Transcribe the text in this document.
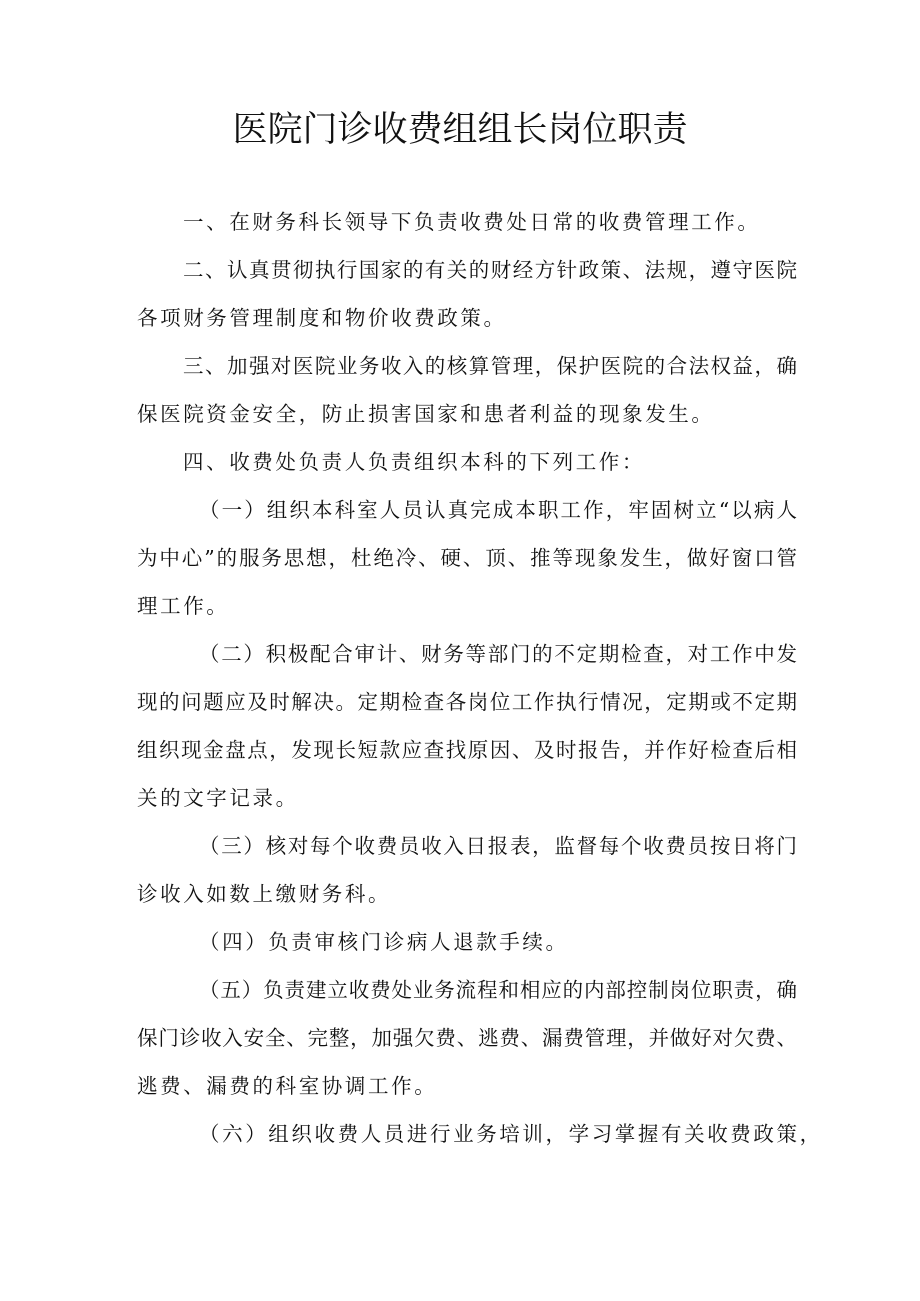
医院门诊收费组组长岗位职责
一、在财务科长领导下负责收费处日常的收费管理工作。
二、认真贯彻执行国家的有关的财经方针政策、法规，遵守医院
各项财务管理制度和物价收费政策。
三、加强对医院业务收入的核算管理，保护医院的合法权益，确
保医院资金安全，防止损害国家和患者利益的现象发生。
四、收费处负责人负责组织本科的下列工作：
（一）组织本科室人员认真完成本职工作，牢固树立“以病人
为中心”的服务思想，杜绝冷、硬、顶、推等现象发生，做好窗口管
理工作。
（二）积极配合审计、财务等部门的不定期检查，对工作中发
现的问题应及时解决。定期检查各岗位工作执行情况，定期或不定期
组织现金盘点，发现长短款应查找原因、及时报告，并作好检查后相
关的文字记录。
（三）核对每个收费员收入日报表，监督每个收费员按日将门
诊收入如数上缴财务科。
（四）负责审核门诊病人退款手续。
（五）负责建立收费处业务流程和相应的内部控制岗位职责，确
保门诊收入安全、完整，加强欠费、逃费、漏费管理，并做好对欠费、
逃费、漏费的科室协调工作。
（六）组织收费人员进行业务培训，学习掌握有关收费政策，
